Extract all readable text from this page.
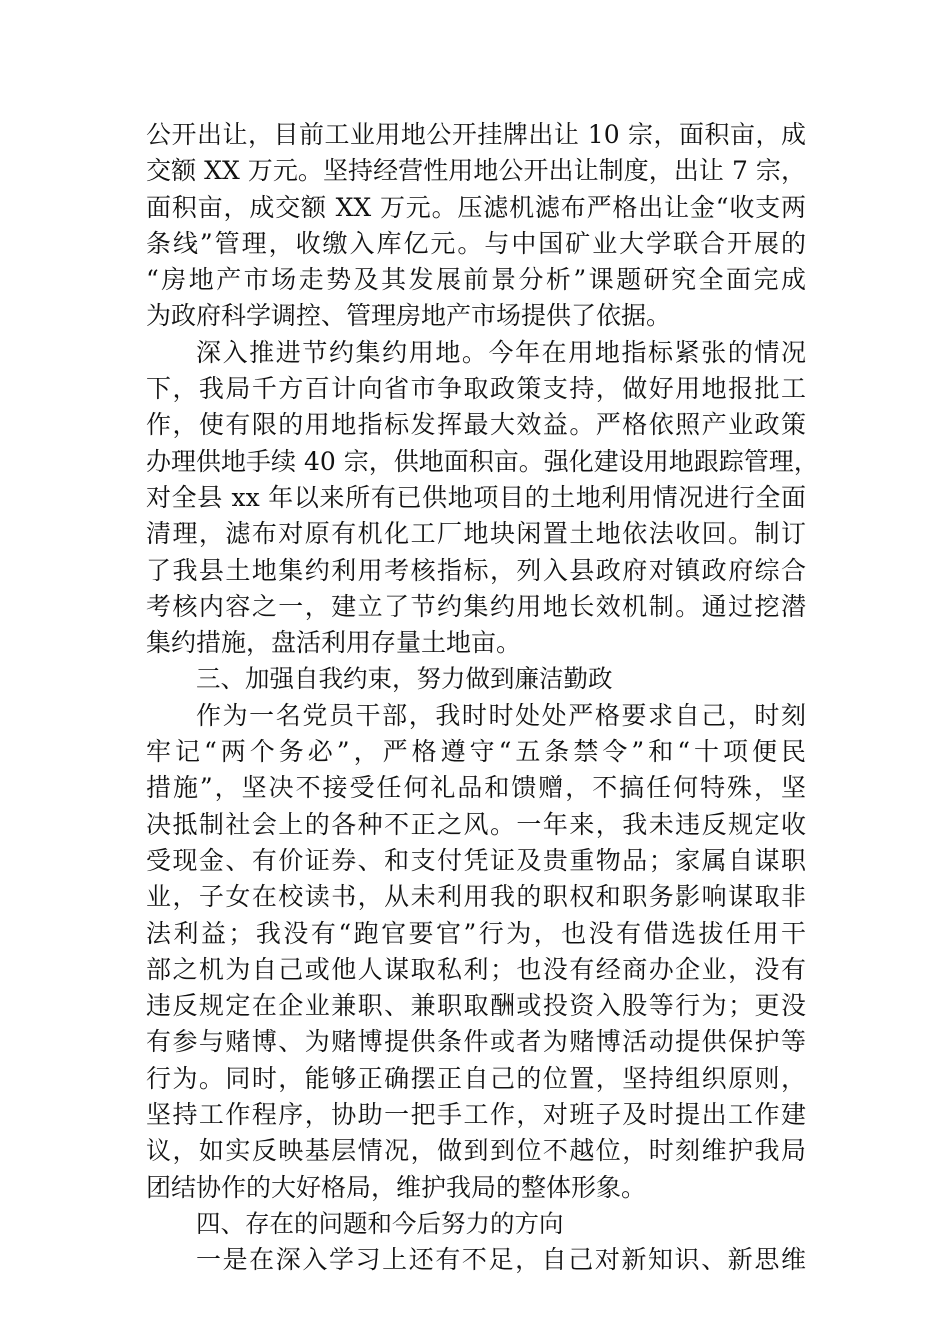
公开出让，目前工业用地公开挂牌出让 10 宗，面积亩，成
交额 XX 万元。坚持经营性用地公开出让制度，出让 7 宗，
面积亩，成交额 XX 万元。压滤机滤布严格出让金“收支两
条线”管理，收缴入库亿元。与中国矿业大学联合开展的
“房地产市场走势及其发展前景分析”课题研究全面完成
为政府科学调控、管理房地产市场提供了依据。
深入推进节约集约用地。今年在用地指标紧张的情况
下，我局千方百计向省市争取政策支持，做好用地报批工
作，使有限的用地指标发挥最大效益。严格依照产业政策
办理供地手续 40 宗，供地面积亩。强化建设用地跟踪管理，
对全县 xx 年以来所有已供地项目的土地利用情况进行全面
清理，滤布对原有机化工厂地块闲置土地依法收回。制订
了我县土地集约利用考核指标，列入县政府对镇政府综合
考核内容之一，建立了节约集约用地长效机制。通过挖潜
集约措施，盘活利用存量土地亩。
三、加强自我约束，努力做到廉洁勤政
作为一名党员干部，我时时处处严格要求自己，时刻
牢记“两个务必”，严格遵守“五条禁令”和“十项便民
措施”，坚决不接受任何礼品和馈赠，不搞任何特殊，坚
决抵制社会上的各种不正之风。一年来，我未违反规定收
受现金、有价证券、和支付凭证及贵重物品；家属自谋职
业，子女在校读书，从未利用我的职权和职务影响谋取非
法利益；我没有“跑官要官”行为，也没有借选拔任用干
部之机为自己或他人谋取私利；也没有经商办企业，没有
违反规定在企业兼职、兼职取酬或投资入股等行为；更没
有参与赌博、为赌博提供条件或者为赌博活动提供保护等
行为。同时，能够正确摆正自己的位置，坚持组织原则，
坚持工作程序，协助一把手工作，对班子及时提出工作建
议，如实反映基层情况，做到到位不越位，时刻维护我局
团结协作的大好格局，维护我局的整体形象。
四、存在的问题和今后努力的方向
一是在深入学习上还有不足，自己对新知识、新思维
